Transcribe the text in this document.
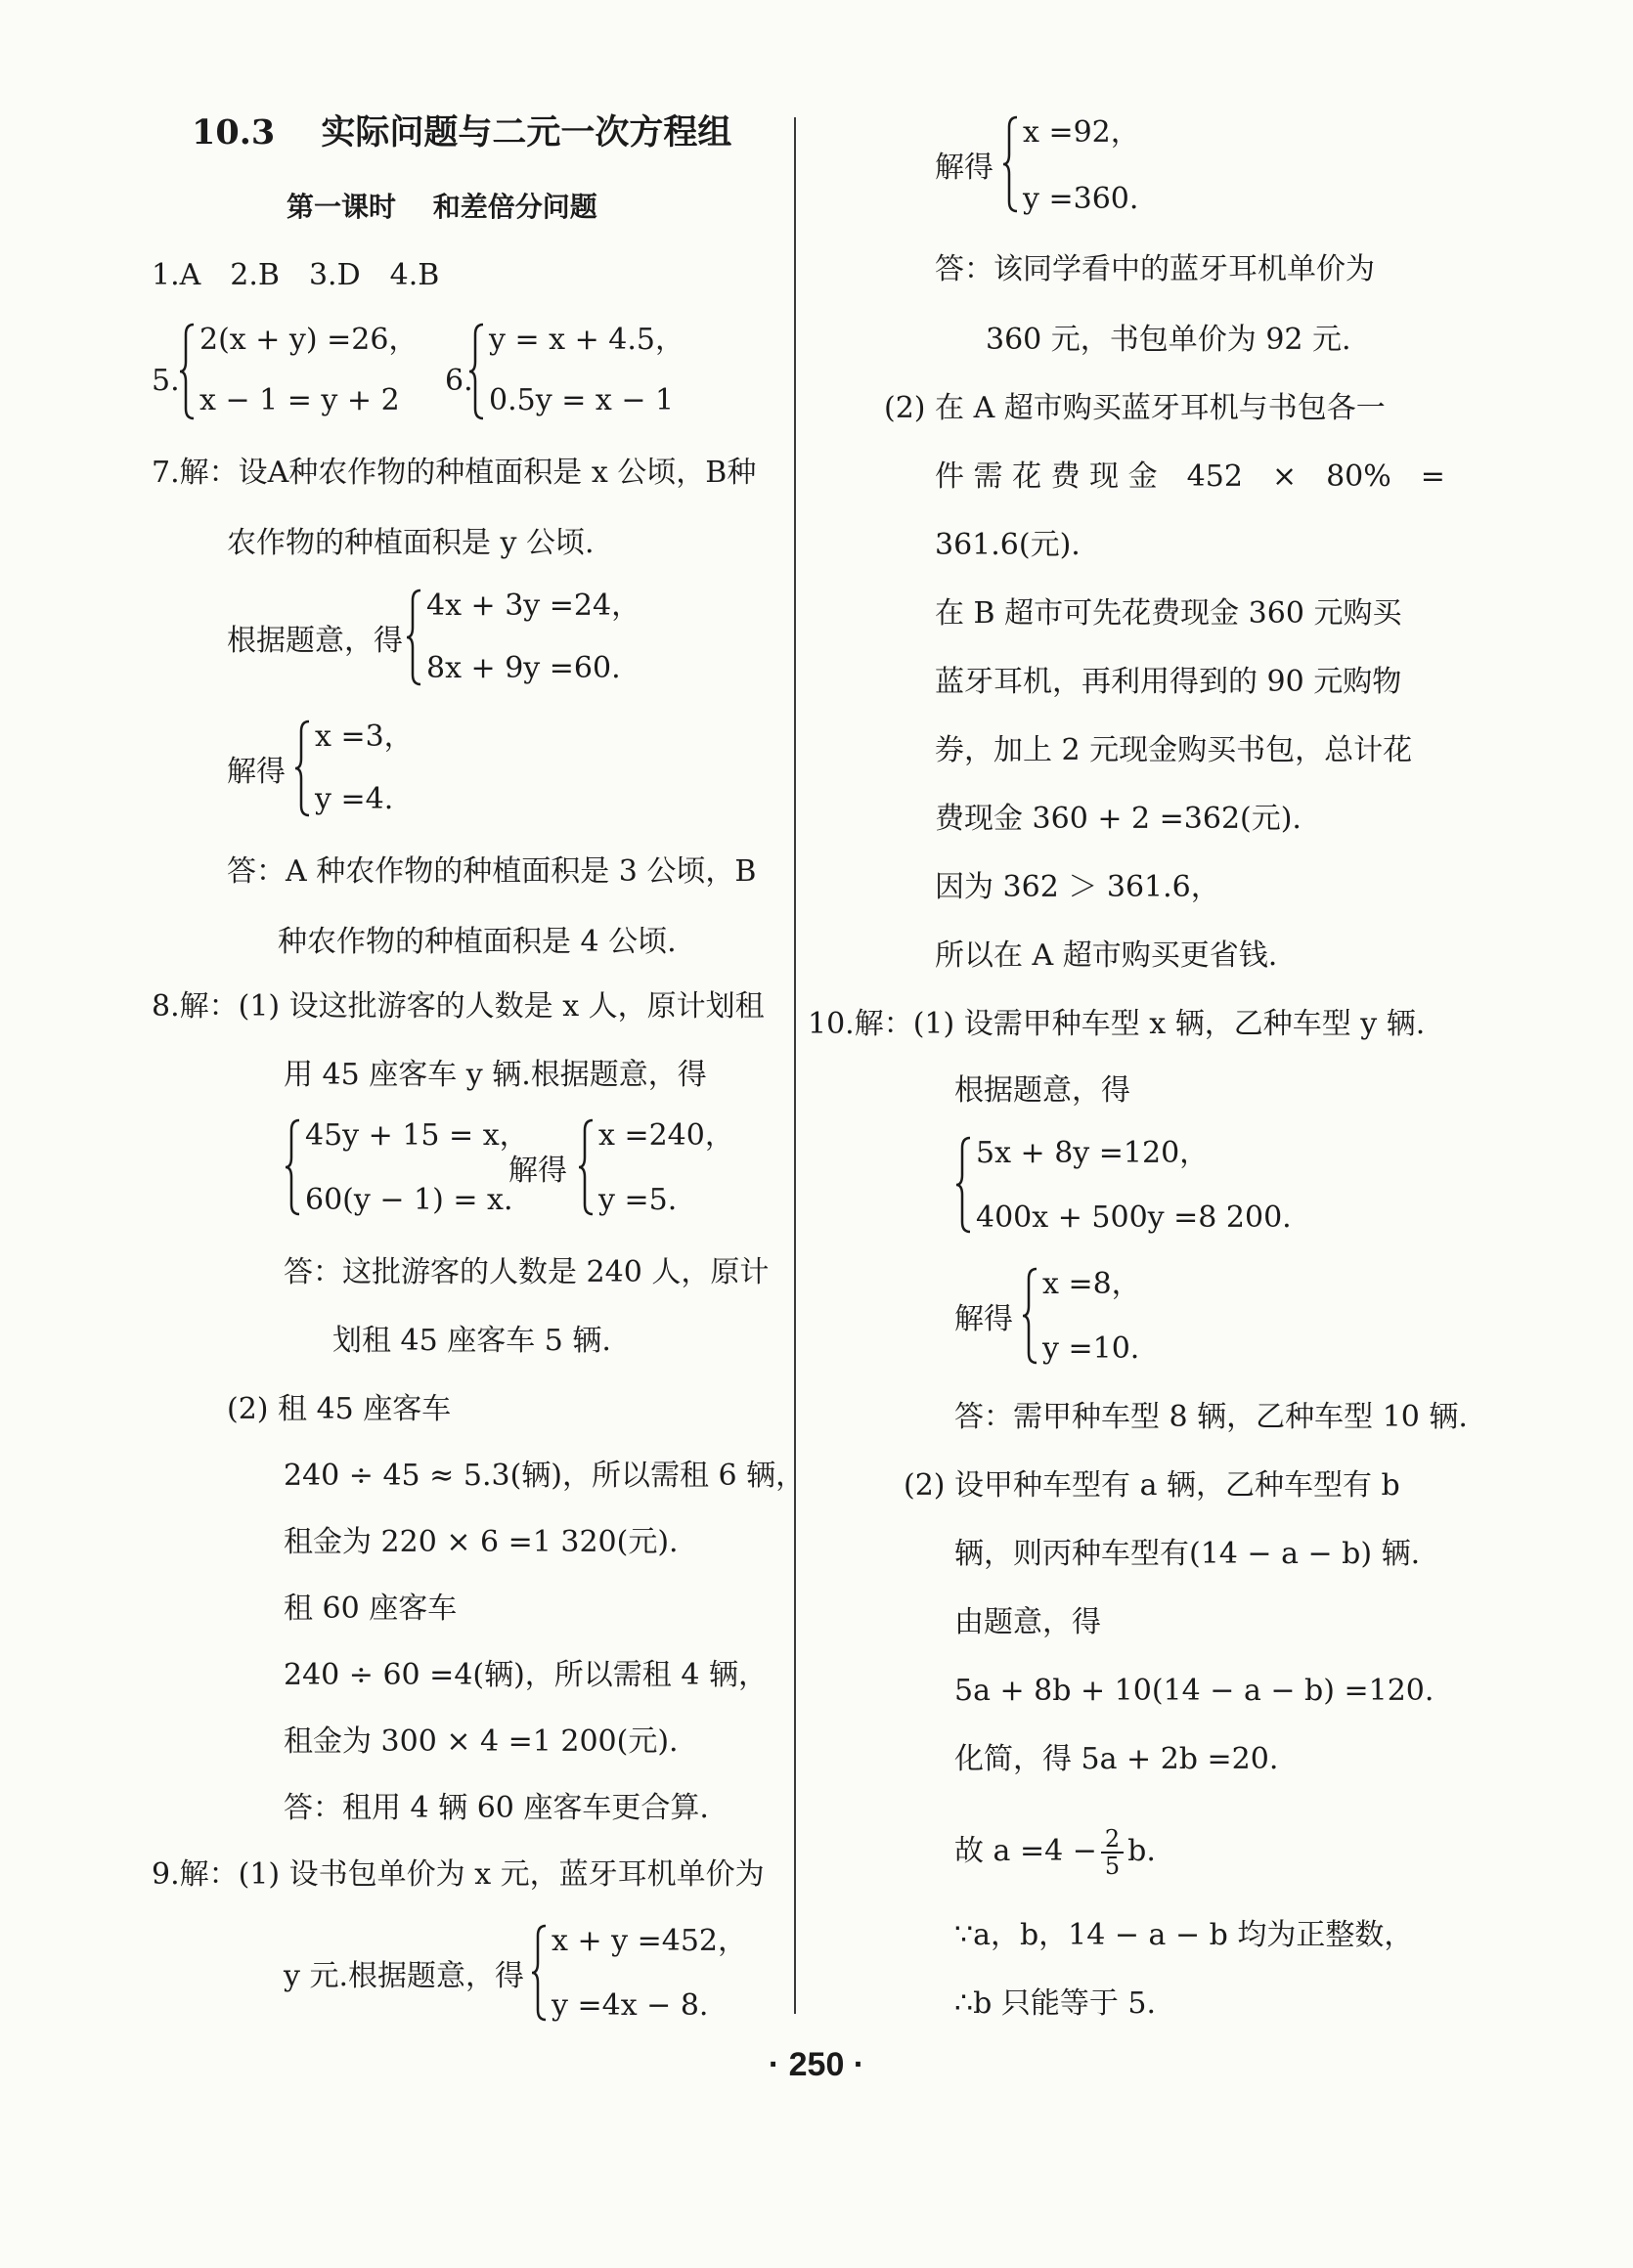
10.3　 实际问题与二元一次方程组
第一课时　 和差倍分问题
1.A　2.B　3.D　4.B
5.
2(x + y) =26，
x − 1 = y + 2
6.
y = x + 4.5，
0.5y = x − 1
7.解：设A种农作物的种植面积是 x 公顷，B种
农作物的种植面积是 y 公顷.
根据题意，得
4x + 3y =24，
8x + 9y =60.
解得
x =3，
y =4.
答：A 种农作物的种植面积是 3 公顷，B
种农作物的种植面积是 4 公顷.
8.解：(1) 设这批游客的人数是 x 人，原计划租
用 45 座客车 y 辆.根据题意，得
45y + 15 = x，
60(y − 1) = x.
解得
x =240，
y =5.
答：这批游客的人数是 240 人，原计
划租 45 座客车 5 辆.
(2) 租 45 座客车
240 ÷ 45 ≈ 5.3(辆)，所以需租 6 辆，
租金为 220 × 6 =1 320(元).
租 60 座客车
240 ÷ 60 =4(辆)，所以需租 4 辆，
租金为 300 × 4 =1 200(元).
答：租用 4 辆 60 座客车更合算.
9.解：(1) 设书包单价为 x 元，蓝牙耳机单价为
y 元.根据题意，得
x + y =452，
y =4x − 8.
解得
x =92，
y =360.
答：该同学看中的蓝牙耳机单价为
360 元，书包单价为 92 元.
(2) 在 A 超市购买蓝牙耳机与书包各一
件 需 花 费 现 金　452　×　80%　=
361.6(元).
在 B 超市可先花费现金 360 元购买
蓝牙耳机，再利用得到的 90 元购物
券，加上 2 元现金购买书包，总计花
费现金 360 + 2 =362(元).
因为 362 ＞ 361.6，
所以在 A 超市购买更省钱.
10.解：(1) 设需甲种车型 x 辆，乙种车型 y 辆.
根据题意，得
5x + 8y =120，
400x + 500y =8 200.
解得
x =8，
y =10.
答：需甲种车型 8 辆，乙种车型 10 辆.
(2) 设甲种车型有 a 辆，乙种车型有 b
辆，则丙种车型有(14 − a − b) 辆.
由题意，得
5a + 8b + 10(14 − a − b) =120.
化简，得 5a + 2b =20.
故 $a =4 - \frac{2}{5} b$.
∵a，b，14 − a − b 均为正整数，
∴b 只能等于 5.
· 250 ·
